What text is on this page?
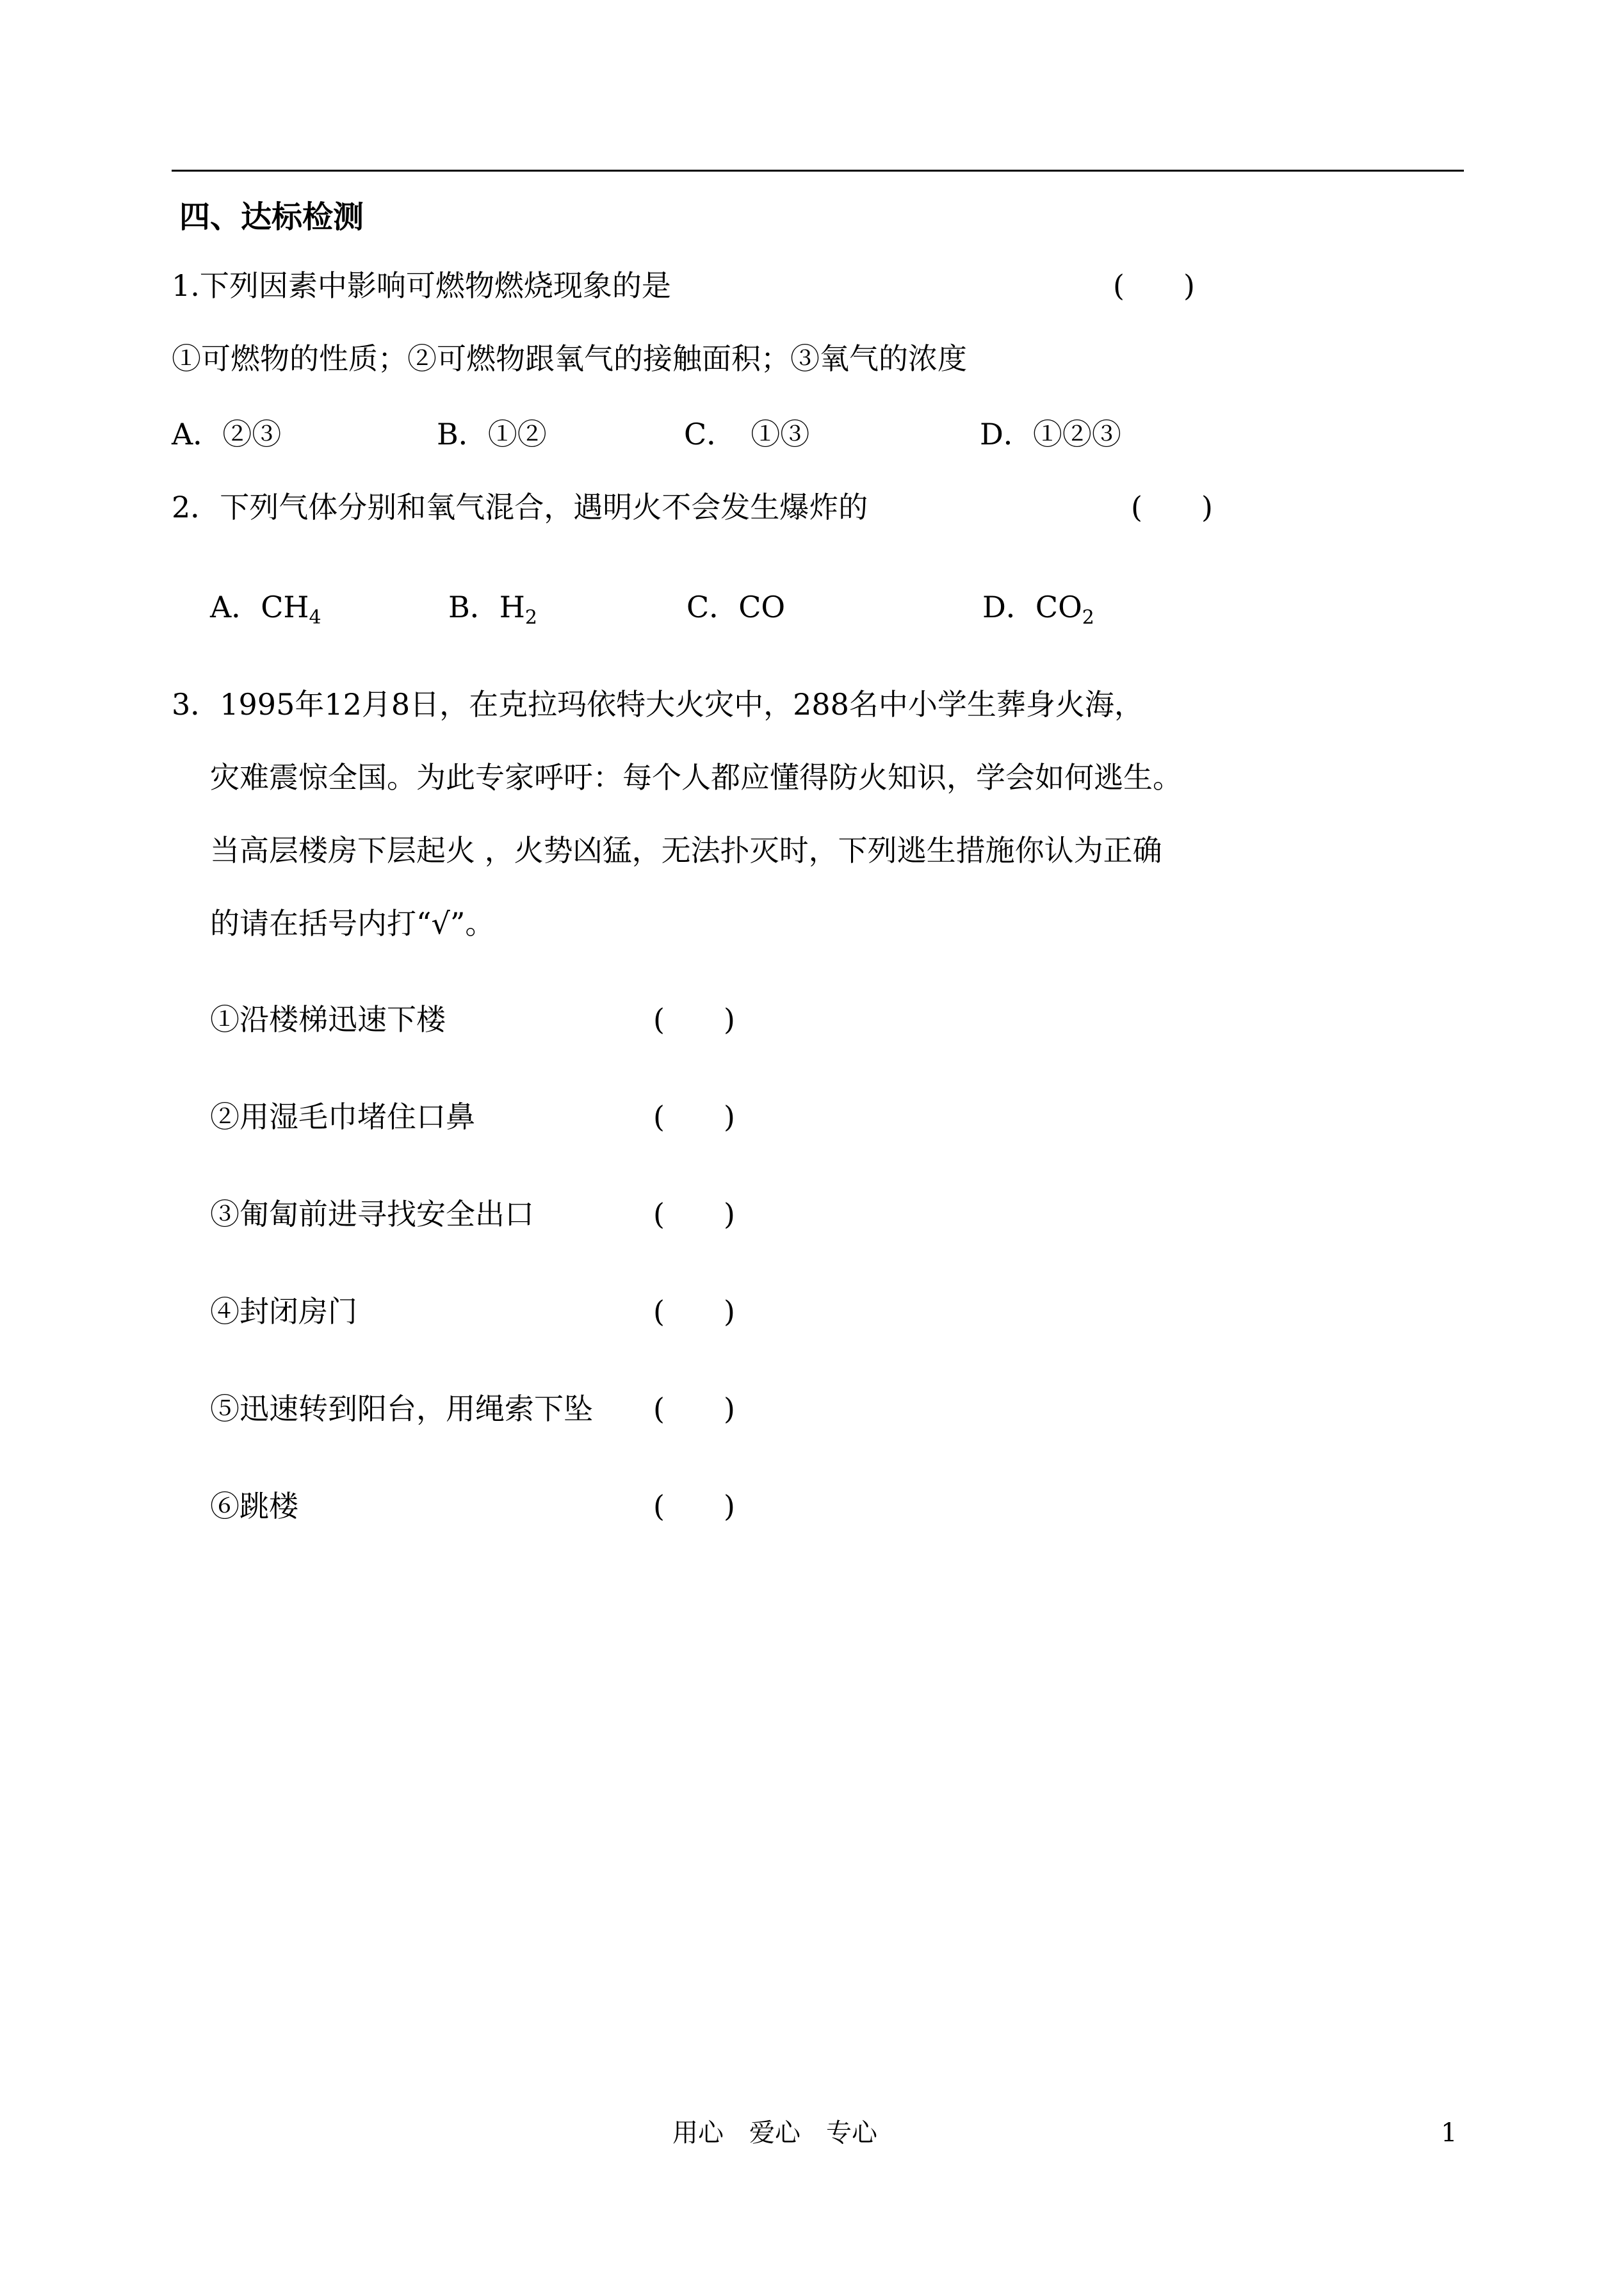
四、达标检测
1.下列因素中影响可燃物燃烧现象的是	(　　)
①可燃物的性质；②可燃物跟氧气的接触面积；③氧气的浓度
A．②③	B．①②	C．　①③	D．①②③
2．下列气体分别和氧气混合，遇明火不会发生爆炸的	(　　)
A．$CH_4$	B．$H_2$	C．CO	D．$CO_2$
3．1995年12月8日，在克拉玛依特大火灾中，288名中小学生葬身火海，
灾难震惊全国。为此专家呼吁：每个人都应懂得防火知识，学会如何逃生。
当高层楼房下层起火 ，火势凶猛，无法扑灭时，下列逃生措施你认为正确
的请在括号内打“√”。
①沿楼梯迅速下楼	(　　)
②用湿毛巾堵住口鼻	(　　)
③匍匐前进寻找安全出口	(　　)
④封闭房门	(　　)
⑤迅速转到阳台，用绳索下坠 (　　)
⑥跳楼	(　　)
用心　爱心　专心	1
